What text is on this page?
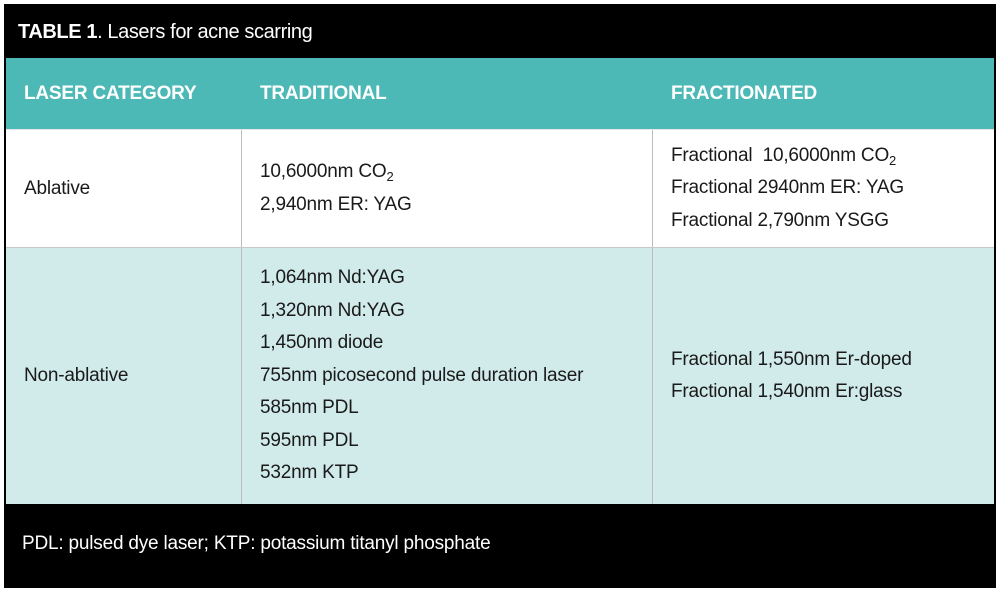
TABLE 1 . Lasers for acne scarring
LASER CATEGORY	TRADITIONAL	FRACTIONATED
Ablative
10,6000nm $CO_2$
2,940nm ER: YAG
Fractional  10,6000nm $CO_2$
Fractional 2940nm ER: YAG
Fractional 2,790nm YSGG
Non-ablative
1,064nm Nd:YAG
1,320nm Nd:YAG
1,450nm diode
755nm picosecond pulse duration laser
585nm PDL
595nm PDL
532nm KTP
Fractional 1,550nm Er-doped
Fractional 1,540nm Er:glass
PDL: pulsed dye laser; KTP: potassium titanyl phosphate
